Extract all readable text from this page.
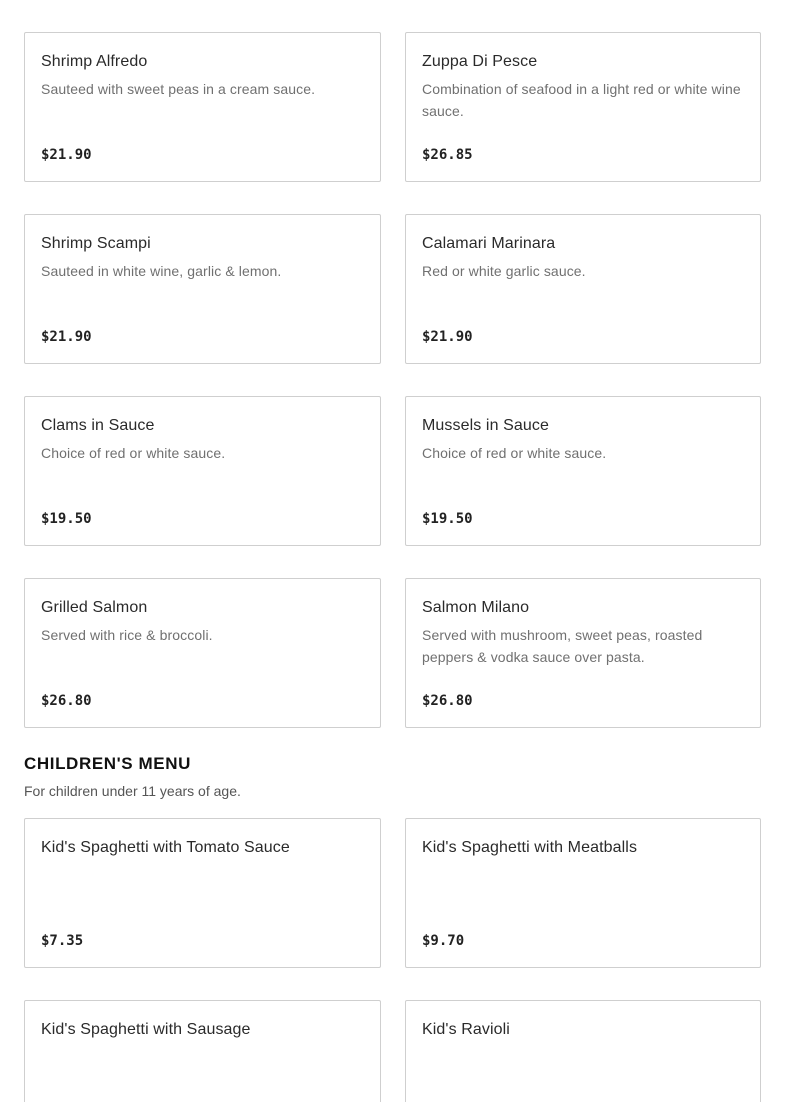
Shrimp Alfredo
Sauteed with sweet peas in a cream sauce.
$21.90
Zuppa Di Pesce
Combination of seafood in a light red or white wine sauce.
$26.85
Shrimp Scampi
Sauteed in white wine, garlic & lemon.
$21.90
Calamari Marinara
Red or white garlic sauce.
$21.90
Clams in Sauce
Choice of red or white sauce.
$19.50
Mussels in Sauce
Choice of red or white sauce.
$19.50
Grilled Salmon
Served with rice & broccoli.
$26.80
Salmon Milano
Served with mushroom, sweet peas, roasted peppers & vodka sauce over pasta.
$26.80
CHILDREN'S MENU
For children under 11 years of age.
Kid's Spaghetti with Tomato Sauce
$7.35
Kid's Spaghetti with Meatballs
$9.70
Kid's Spaghetti with Sausage	Kid's Ravioli
